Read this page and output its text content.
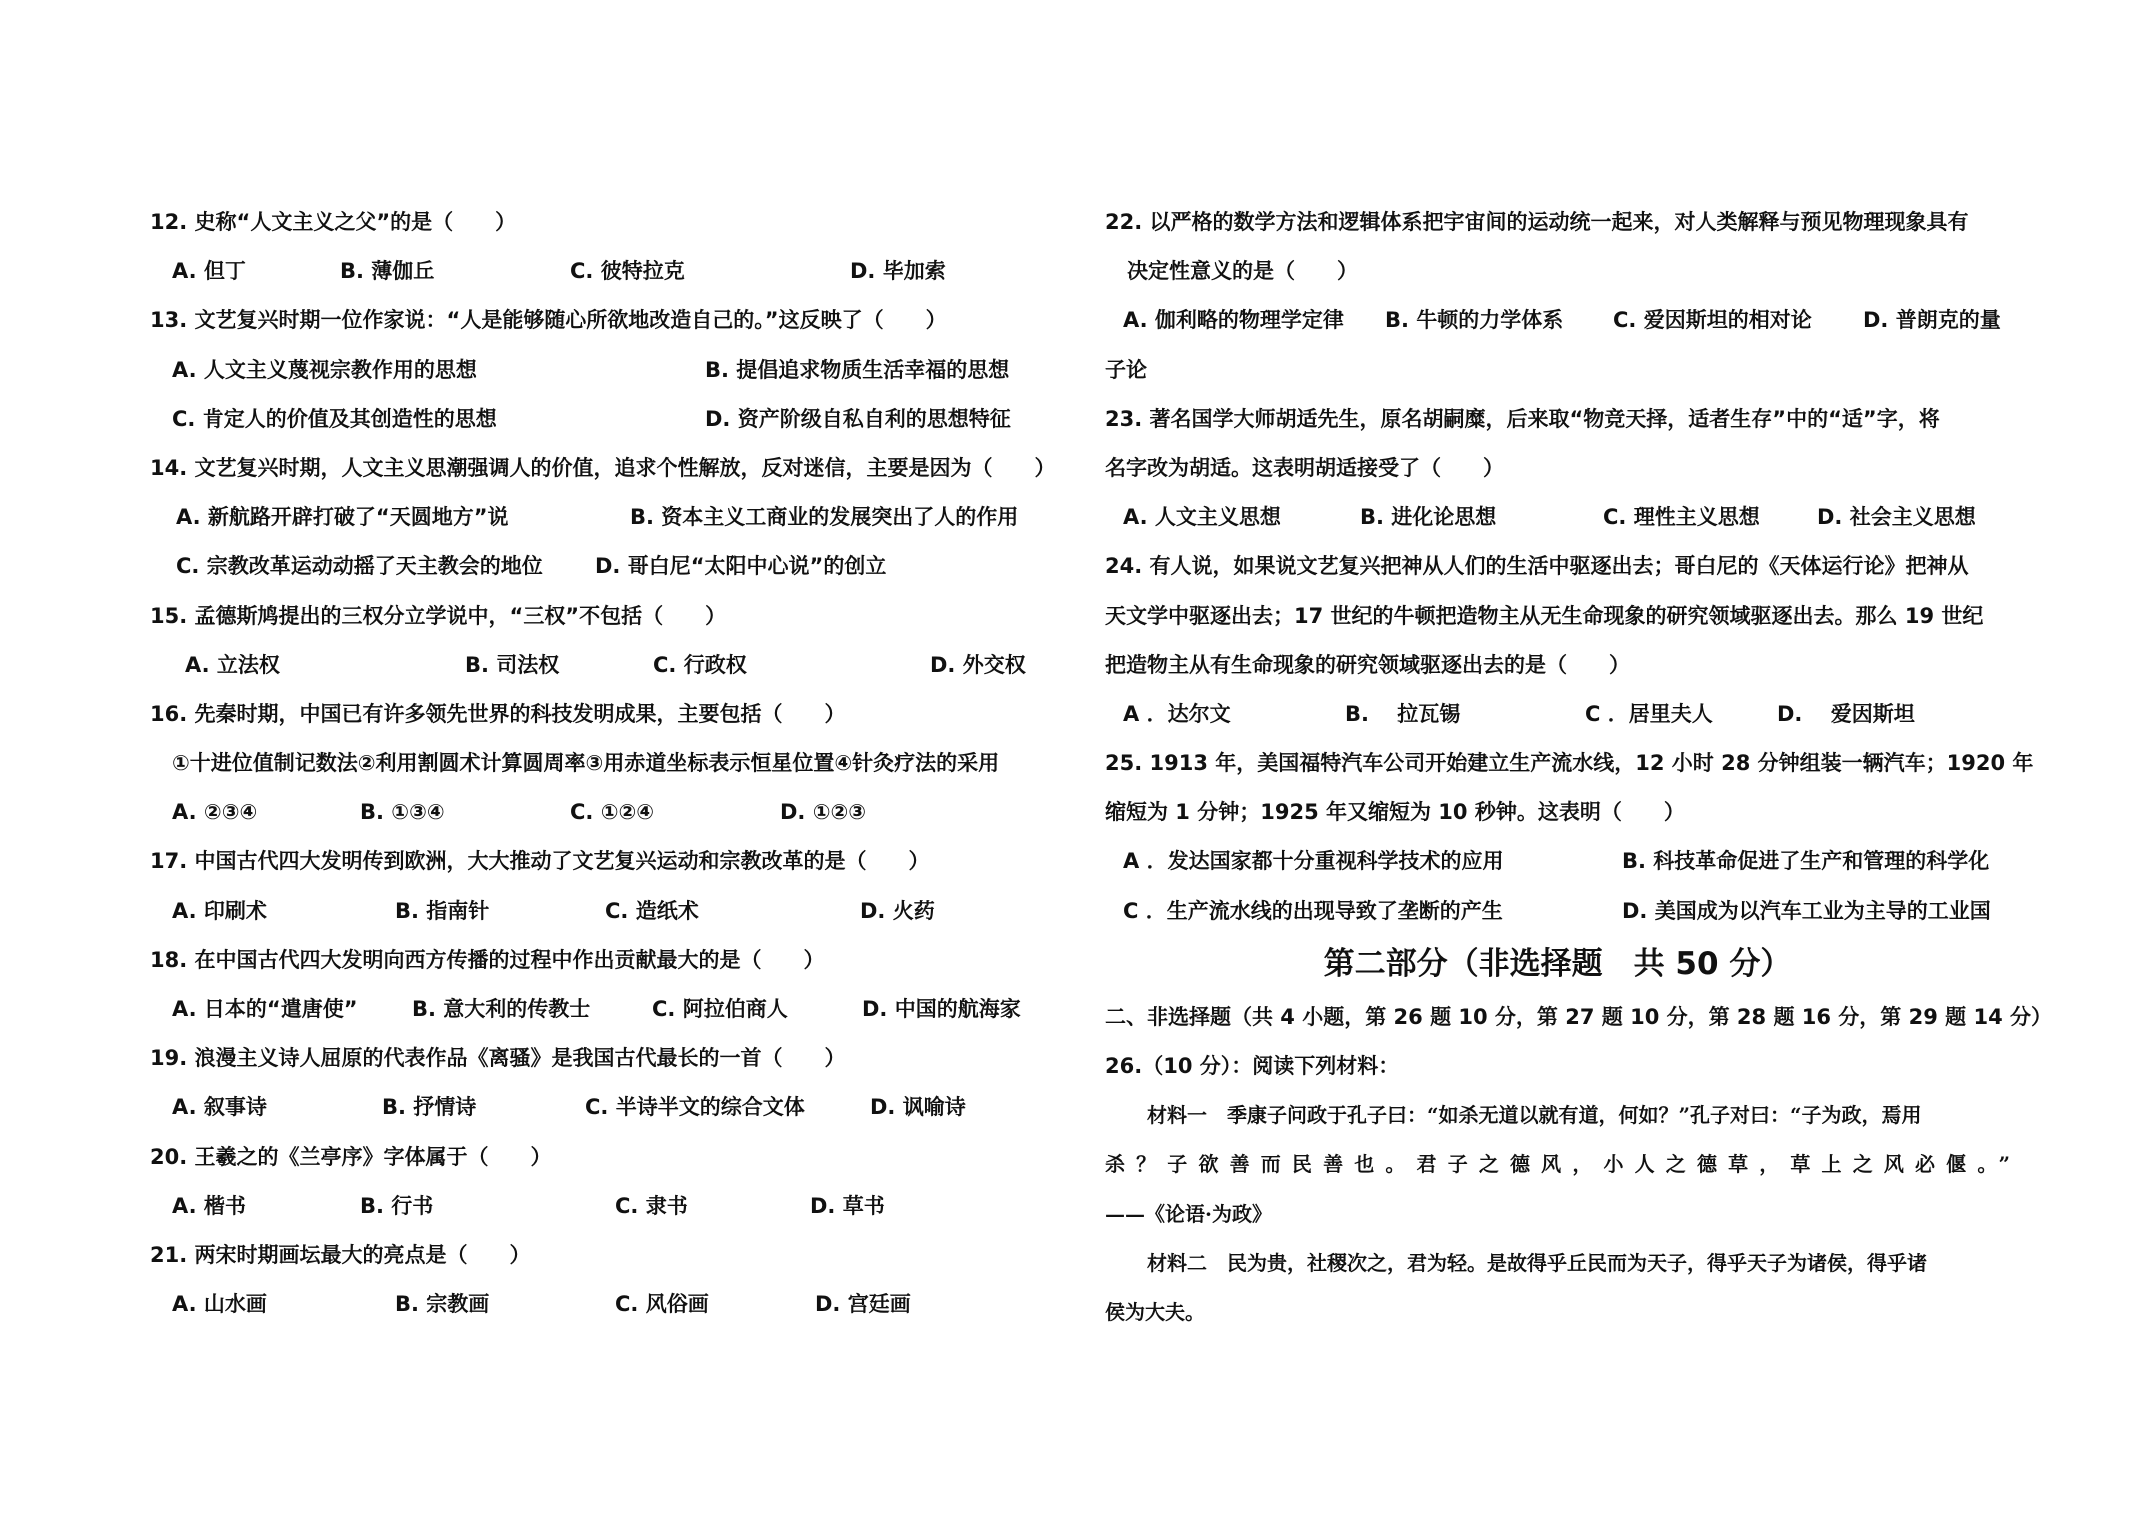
12. 史称“人文主义之父”的是（　　）
A. 但丁	B. 薄伽丘	C. 彼特拉克	D. 毕加索
13. 文艺复兴时期一位作家说：“人是能够随心所欲地改造自己的。”这反映了（　　）
A. 人文主义蔑视宗教作用的思想	B. 提倡追求物质生活幸福的思想
C. 肯定人的价值及其创造性的思想	D. 资产阶级自私自利的思想特征
14. 文艺复兴时期，人文主义思潮强调人的价值，追求个性解放，反对迷信，主要是因为（　　）
A. 新航路开辟打破了“天圆地方”说	B. 资本主义工商业的发展突出了人的作用
C. 宗教改革运动动摇了天主教会的地位 D. 哥白尼“太阳中心说”的创立
15. 孟德斯鸠提出的三权分立学说中，“三权”不包括（　　）
A. 立法权	B. 司法权	C. 行政权	D. 外交权
16. 先秦时期，中国已有许多领先世界的科技发明成果，主要包括（　　）
①十进位值制记数法②利用割圆术计算圆周率③用赤道坐标表示恒星位置④针灸疗法的采用
A. ②③④	B. ①③④	C. ①②④	D. ①②③
17. 中国古代四大发明传到欧洲，大大推动了文艺复兴运动和宗教改革的是（　　）
A. 印刷术	B. 指南针	C. 造纸术	D. 火药
18. 在中国古代四大发明向西方传播的过程中作出贡献最大的是（　　）
A. 日本的“遣唐使”	B. 意大利的传教士	C. 阿拉伯商人	D. 中国的航海家
19. 浪漫主义诗人屈原的代表作品《离骚》是我国古代最长的一首（　　）
A. 叙事诗	B. 抒情诗	C. 半诗半文的综合文体	D. 讽喻诗
20. 王羲之的《兰亭序》字体属于（　　）
A. 楷书	B. 行书	C. 隶书	D. 草书
21. 两宋时期画坛最大的亮点是（　　）
A. 山水画	B. 宗教画	C. 风俗画	D. 宫廷画
22. 以严格的数学方法和逻辑体系把宇宙间的运动统一起来，对人类解释与预见物理现象具有
决定性意义的是（　　）
A. 伽利略的物理学定律 B. 牛顿的力学体系 C. 爱因斯坦的相对论 D. 普朗克的量
子论
23. 著名国学大师胡适先生，原名胡嗣糜，后来取“物竞天择，适者生存”中的“适”字，将
名字改为胡适。这表明胡适接受了（　　）
A. 人文主义思想	B. 进化论思想	C. 理性主义思想	D. 社会主义思想
24. 有人说，如果说文艺复兴把神从人们的生活中驱逐出去；哥白尼的《天体运行论》把神从
天文学中驱逐出去；17 世纪的牛顿把造物主从无生命现象的研究领域驱逐出去。那么 19 世纪
把造物主从有生命现象的研究领域驱逐出去的是（　　）
A ．达尔文	B.　 拉瓦锡	C ．居里夫人	D.　 爱因斯坦
25. 1913 年，美国福特汽车公司开始建立生产流水线，12 小时 28 分钟组装一辆汽车；1920 年
缩短为 1 分钟；1925 年又缩短为 10 秒钟。这表明（　　）
A ．发达国家都十分重视科学技术的应用	B. 科技革命促进了生产和管理的科学化
C ．生产流水线的出现导致了垄断的产生	D. 美国成为以汽车工业为主导的工业国
第二部分（非选择题　共 50 分）
二、非选择题（共 4 小题，第 26 题 10 分，第 27 题 10 分，第 28 题 16 分，第 29 题 14 分）
26.（10 分）：阅读下列材料：
材料一　季康子问政于孔子曰：“如杀无道以就有道，何如？”孔子对曰：“子为政，焉用
杀？子欲善而民善也。君子之德风，小人之德草，草上之风必偃。”
——《论语·为政》
材料二　民为贵，社稷次之，君为轻。是故得乎丘民而为天子，得乎天子为诸侯，得乎诸
侯为大夫。
